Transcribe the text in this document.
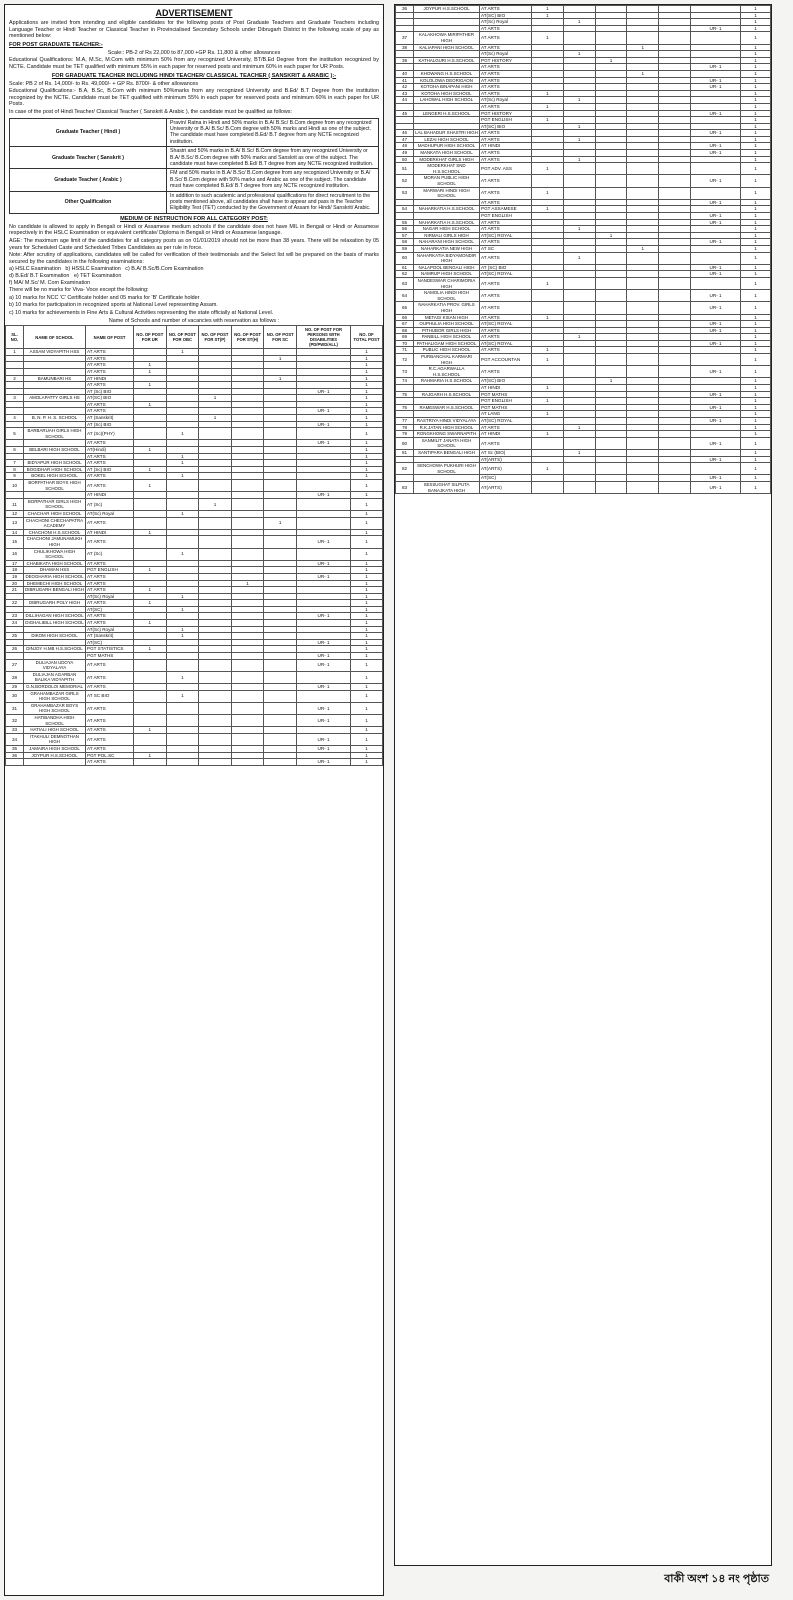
ADVERTISEMENT
Applications are invited from intending and eligible candidates for the following posts of Post Graduate Teachers and Graduate Teachers including Language Teacher or Hindi Teacher or Classical Teacher in Provincialised Secondary Schools under Dibrugarh District in the following scale of pay as mentioned below:
FOR POST GRADUATE TEACHER:-
Scale:: PB-2 of Rs 22,000 to 87,000 +GP Rs. 11,800 & other allowances
Educational Qualifications: M.A, M.Sc, M.Com with minimum 50% from any recognized University, BT/B.Ed Degree from the institution recognized by NCTE. Candidate must be TET qualified with minimum 55% in each paper for reserved posts and minimum 60% in each paper for UR Posts.
FOR GRADUATE TEACHER INCLUDING HINDI TEACHER/ CLASSICAL TEACHER ( SANSKRIT & ARABIC ):-
Scale: PB 2 of Rs. 14,000/- to Rs. 49,000/- + GP Rs. 8700/- & other allowances
Educational Qualifications:- B.A, B.Sc, B.Com with minimum 50%marks from any recognized University and B.Ed/ B.T Degree from the institution recognized by the NCTE. Candidate must be TET qualified with minimum 55% in each paper for reserved posts and minimum 60% in each paper for UR Posts.
In case of the post of Hindi Teacher/ Classical Teacher ( Sanskrit & Arabic ), the candidate must be qualified as follows:
Graduate Teacher ( Hindi )	Pravin/ Ratna in Hindi and 50% marks in B.A/ B.Sc/ B.Com degree from any recognized University or B.A/ B.Sc/ B.Com degree with 50% marks and Hindi as one of the subject. The candidate must have completed B.Ed/ B.T degree from any NCTE recognized institution.
Graduate Teacher ( Sanskrit )	Shastri and 50% marks in B.A/ B.Sc/ B.Com degree from any recognized University or B.A/ B.Sc/ B.Com degree with 50% marks and Sanskrit as one of the subject. The candidate must have completed B.Ed/ B.T degree from any NCTE recognized institution.
Graduate Teacher ( Arabic )	FM and 50% marks in B.A/ B.Sc/ B.Com degree from any recognized University or B.A/ B.Sc/ B.Com degree with 50% marks and Arabic as one of the subject. The candidate must have completed B.Ed/ B.T degree from any NCTE recognized institution.
Other Qualification	In addition to such academic and professional qualifications for direct recruitment to the posts mentioned above, all candidates shall have to appear and pass in the Teacher Eligibility Test (TET) conducted by the Government of Assam for Hindi/ Sanskrit/ Arabic.
MEDIUM OF INSTRUCTION FOR ALL CATEGORY POST:
No candidate is allowed to apply in Bengali or Hindi or Assamese medium schools if the candidate does not have MIL in Bengali or Hindi or Assamese respectively in the HSLC Examination or equivalent certificate/ Diploma in Bengali or Hindi or Assamese language.
AGE: The maximum age limit of the candidates for all category posts as on 01/01/2019 should not be more than 38 years. There will be relaxation by 05 years for Scheduled Caste and Scheduled Tribes Candidates as per rule in force.
Note: After scrutiny of applications, candidates will be called for verification of their testimonials and the Select list will be prepared on the basis of marks secured by the candidates in the following examinations:
a) HSLC Examination b) HSSLC Examination c) B.A/ B.Sc/B.Com Examination
d) B.Ed/ B.T Examination e) TET Examination
f) MA/ M.Sc/ M. Com Examination
There will be no marks for Viva- Voce except the following:
a) 10 marks for NCC 'C' Certificate holder and 05 marks for 'B' Certificate holder
b) 10 marks for participation in recognized sports at National Level representing Assam.
c) 10 marks for achievements in Fine Arts & Cultural Activities representing the state officially at National Level.
Name of Schools and number of vacancies with reservation as follows :
SL. NO.	NAME OF SCHOOL	NAME OF POST	NO. OF POST FOR UR	NO. OF POST FOR OBC	NO. OF POST FOR ST(P)	NO. OF POST FOR ST(H)	NO. OF POST FOR SC	NO. OF POST FOR PERSONS WITH DISABILITIES (PD/PWD/ALL)	NO. OF TOTAL POST
1	ASSAM VIDYAPITH HSS	AT ARTS		1					1
		AT ARTS					1		1
		AT ARTS	1						1
		AT ARTS	1						1
2	BAMUNBARI HS	AT HINDI					1		1
		AT ARTS	1						1
		AT (Sc) BIO						UR- 1	1
3	AMOLAPATTY GIRLS HS	AT(SC) BIO			1				1
		AT ARTS	1						1
		AT ARTS						UR- 1	1
4	B. N. P. H. S. SCHOOL	AT (Sanskrit)			1				1
		AT (Sc) BIO						UR- 1	1
5	BARBARUAH GIRLS HIGH SCHOOL	AT (Sc)(PHY)		1					1
		AT ARTS						UR- 1	1
6	BELBARI HIGH SCHOOL	AT(Hindi)	1						1
		AT ARTS		1					1
7	BIDYAPUR HIGH SCHOOL	AT ARTS		1					1
8	BOGIDHAR HIGH SCHOOL	AT (Sc) BIO	1						1
9	BOKEL HIGH SCHOOL	AT ARTS		1					1
10	BORPATHAR BOYS HIGH SCHOOL	AT ARTS	1						1
		AT HINDI						UR- 1	1
11	BORPATHAR GIRLS HIGH SCHOOL	AT (Sc)			1				1
12	CHACHAR HIGH SCHOOL	AT(Sc) Royal		1					1
13	CHACHONI CHECHAPATRA ACADEMY	AT ARTS					1		1
14	CHACHONI H.S.SCHOOL	AT HINDI	1						1
15	CHACHONI JAMUNAMUKH HIGH	AT ARTS						UR- 1	1
16	CHULIKHOWA HIGH SCHOOL	AT (Sc)		1					1
17	CHABIKATA HIGH SCHOOL	AT ARTS						UR- 1	1
18	DHAMAN HSS	PGT ENGLISH	1						1
19	DEOGHARIA HIGH SCHOOL	AT ARTS						UR- 1	1
20	DHEMECHI HIGH SCHOOL	AT ARTS				1			1
21	DIBRUGARH BENGALI HIGH	AT ARTS	1						1
		AT(Sc) Royal		1					1
22	DIBRUGARH POLY HIGH	AT ARTS	1						1
		AT(SC)		1					1
23	DILLIHAGAN HIGH SCHOOL	AT ARTS						UR- 1	1
24	DIGHALIBILL HIGH SCHOOL	AT ARTS	1						1
		AT(Sc) Royal		1					1
25	DIKOM HIGH SCHOOL	AT (Sanskrit)		1					1
		AT(SC)						UR- 1	1
26	DINJOY H.MB H.S.SCHOOL	PGT STATISTICS	1						1
		PGT MATHS						UR- 1	1
27	DULIAJAN UDOYA VIDYALAYA	AT ARTS						UR- 1	1
28	DULIAJAN AGARBAN BALIKA VIDYAPITH	AT ARTS		1					1
29	G.N.BORDOLOI MEMORIAL	AT ARTS						UR- 1	1
30	GRAHAMBAZAR GIRLS HIGH SCHOOL	AT SC BIO		1					1
31	GRAHAMBAZAR BOYS HIGH SCHOOL	AT ARTS						UR- 1	1
32	HATIBANDHA HIGH SCHOOL	AT ARTS						UR- 1	1
33	HATIALI HIGH SCHOOL	AT ARTS	1						1
34	ITAKHULI DEMNOTHAN HIGH	AT ARTS						UR- 1	1
35	JAMAIRA HIGH SCHOOL	AT ARTS						UR- 1	1
36	JOYPUR H.S.SCHOOL	PGT POL.SC	1						1
		AT ARTS						UR- 1	1
36	JOYPUR H.S.SCHOOL	AT ARTS	1						1
		AT(SC) BIO	1						1
		AT(Sc) Royal		1					1
		AT ARTS						UR- 1	1
37	KALAKHOWA MIRIPATHER HIGH	AT ARTS	1						1
38	KALIAPANI HIGH SCHOOL	AT ARTS				1			1
		AT(Sc) Royal		1					1
39	KATHALGURI H.S.SCHOOL	PGT HISTORY			1				1
		AT ARTS						UR- 1	1
40	KHOWANG H.S.SCHOOL	AT ARTS				1			1
41	KOLOLOWA DEORIGAON	AT ARTS						UR- 1	1
42	KOTOHA BINAPANI HIGH	AT ARTS						UR- 1	1
43	KOTOHA HIGH SCHOOL	AT ARTS	1						1
44	LAHOWAL HIGH SCHOOL	AT(Sc) Royal		1					1
		AT ARTS	1						1
45	LENGERI H.S.SCHOOL	PGT HISTORY						UR- 1	1
		PGT ENGLISH	1						1
		AT(SC) BIO		1					1
46	LAL BAHADUR SHASTRI HIGH	AT ARTS						UR- 1	1
47	LEZAI HIGH SCHOOL	AT ARTS		1					1
48	MADHUPUR HIGH SCHOOL	AT HINDI						UR- 1	1
49	MANKATA HIGH SCHOOL	AT ARTS						UR- 1	1
50	MODERKHAT GIRLS HIGH	AT ARTS		1					1
51	MODERKHAT SND H.S.SCHOOL	PGT ADV. ASS	1						1
52	MORAN PUBLIC HIGH SCHOOL	AT ARTS						UR- 1	1
53	MARWARI HINDI HIGH SCHOOL	AT ARTS	1						1
		AT ARTS						UR- 1	1
54	NAHARKATIA H.S.SCHOOL	PGT ASSAMESE	1						1
		PGT ENGLISH						UR- 1	1
55	NAHARKATIA H.S.SCHOOL	AT ARTS						UR- 1	1
56	NAGAR HIGH SCHOOL	AT ARTS		1					1
57	NIRMALI GIRLS HIGH	AT(SC) ROYAL			1				1
58	NAHARANI HIGH SCHOOL	AT ARTS						UR- 1	1
59	NAHARKATIA NEW HIGH	AT SC				1			1
60	NAHARKATIA BIDYAMONDIR HIGH	AT ARTS		1					1
61	NALAPOOL BENGALI HIGH	AT (SC) BIO						UR- 1	1
62	NAMRUP HIGH SCHOOL	AT(SC) ROYAL						UR- 1	1
63	NANDESWAR CHARIMORIA HIGH	AT ARTS	1						1
64	NAMOLIA HINDI HIGH SCHOOL	AT ARTS						UR- 1	1
65	NAHARKATIA PROV. GIRLS HIGH	AT ARTS						UR- 1	1
66	METAGI KISAN HIGH	AT ARTS	1						1
67	OUPHULIA HIGH SCHOOL	AT(SC) ROYAL						UR- 1	1
68	PITHUBOR GIRLS HIGH	AT ARTS						UR- 1	1
69	PANBILL HIGH SCHOOL	AT ARTS		1					1
70	PATHALIGAM HIGH SCHOOL	AT(SC) ROYAL						UR- 1	1
71	PUBLIC HIGH SCHOOL	AT ARTS	1						1
72	PURBANCHAL KARMARI HIGH	PGT ACCOUNTAN	1						1
73	R.C.AGARWALLA H.S.SCHOOL	AT ARTS						UR- 1	1
74	RAHMARIA H.S.SCHOOL	AT(SC) BIO			1				1
		AT HINDI	1						1
75	RAJGARH H.S.SCHOOL	PGT MATHS						UR- 1	1
		PGT ENGLISH	1						1
76	RAMESWAR H.S.SCHOOL	PGT MATHS						UR- 1	1
		AT LANG	1						1
77	RASTRIYA HINDI VIDYALAYA	AT(SC) ROYAL						UR- 1	1
78	R.K.JATAN HIGH SCHOOL	AT ARTS		1					1
79	RONGKHONG SWARNAPITH	AT HINDI	1						1
80	SANMILIT JANATA HIGH SCHOOL	AT ARTS						UR- 1	1
81	SANTIPARA BENGALI HIGH	AT Sc (BIO)		1					1
		AT(ARTS)						UR- 1	1
82	SENCHOWA PUKHURI HIGH SCHOOL	AT(ARTS)	1						1
		AT(SC)						UR- 1	1
83	SESSUGHAT SILPUTA BANAJKATA HIGH	AT(ARTS)						UR- 1	1
বাকী অংশ ১৪ নং পৃষ্ঠাত
